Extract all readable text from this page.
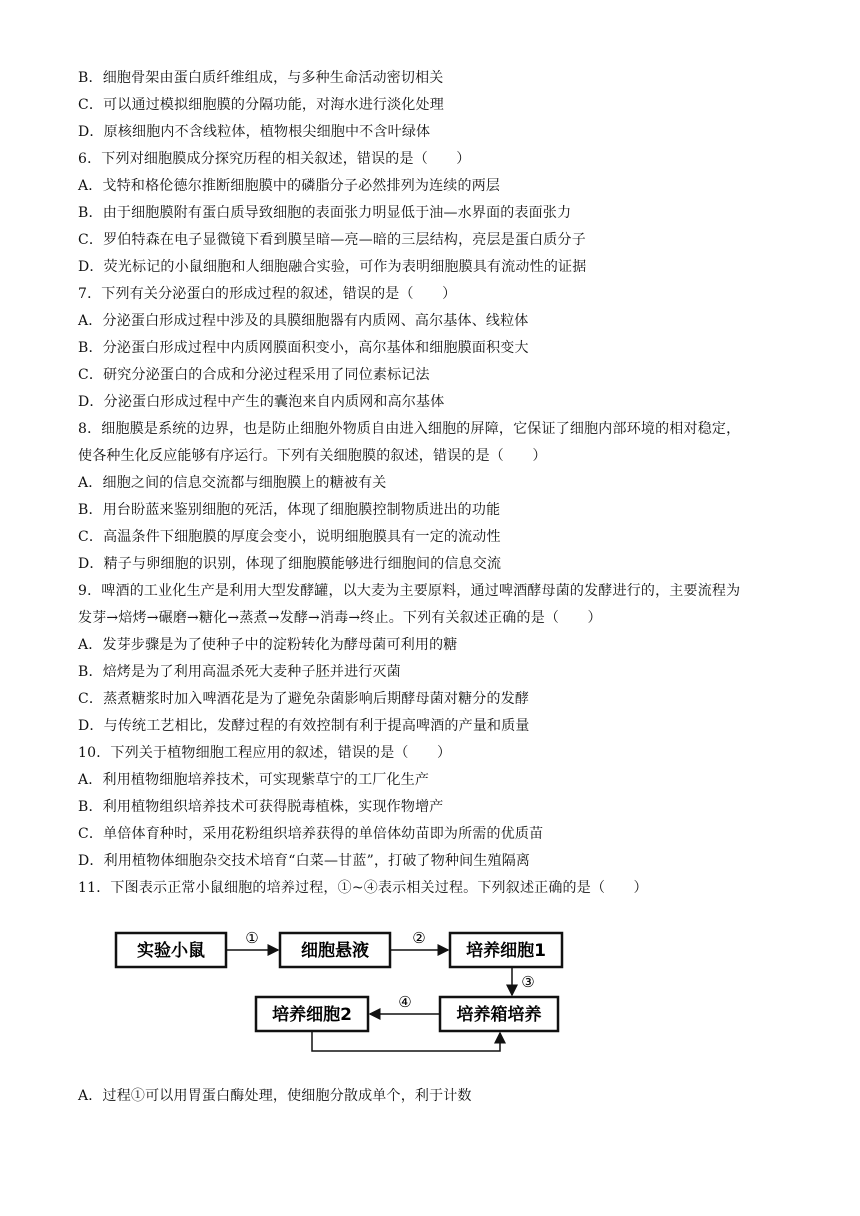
B．细胞骨架由蛋白质纤维组成，与多种生命活动密切相关
C．可以通过模拟细胞膜的分隔功能，对海水进行淡化处理
D．原核细胞内不含线粒体，植物根尖细胞中不含叶绿体
6．下列对细胞膜成分探究历程的相关叙述，错误的是（　　）
A．戈特和格伦德尔推断细胞膜中的磷脂分子必然排列为连续的两层
B．由于细胞膜附有蛋白质导致细胞的表面张力明显低于油—水界面的表面张力
C．罗伯特森在电子显微镜下看到膜呈暗—亮—暗的三层结构，亮层是蛋白质分子
D．荧光标记的小鼠细胞和人细胞融合实验，可作为表明细胞膜具有流动性的证据
7．下列有关分泌蛋白的形成过程的叙述，错误的是（　　）
A．分泌蛋白形成过程中涉及的具膜细胞器有内质网、高尔基体、线粒体
B．分泌蛋白形成过程中内质网膜面积变小，高尔基体和细胞膜面积变大
C．研究分泌蛋白的合成和分泌过程采用了同位素标记法
D．分泌蛋白形成过程中产生的囊泡来自内质网和高尔基体
8．细胞膜是系统的边界，也是防止细胞外物质自由进入细胞的屏障，它保证了细胞内部环境的相对稳定，
使各种生化反应能够有序运行。下列有关细胞膜的叙述，错误的是（　　）
A．细胞之间的信息交流都与细胞膜上的糖被有关
B．用台盼蓝来鉴别细胞的死活，体现了细胞膜控制物质进出的功能
C．高温条件下细胞膜的厚度会变小，说明细胞膜具有一定的流动性
D．精子与卵细胞的识别，体现了细胞膜能够进行细胞间的信息交流
9．啤酒的工业化生产是利用大型发酵罐，以大麦为主要原料，通过啤酒酵母菌的发酵进行的，主要流程为
发芽→焙烤→碾磨→糖化→蒸煮→发酵→消毒→终止。下列有关叙述正确的是（　　）
A．发芽步骤是为了使种子中的淀粉转化为酵母菌可利用的糖
B．焙烤是为了利用高温杀死大麦种子胚并进行灭菌
C．蒸煮糖浆时加入啤酒花是为了避免杂菌影响后期酵母菌对糖分的发酵
D．与传统工艺相比，发酵过程的有效控制有利于提高啤酒的产量和质量
10．下列关于植物细胞工程应用的叙述，错误的是（　　）
A．利用植物细胞培养技术，可实现紫草宁的工厂化生产
B．利用植物组织培养技术可获得脱毒植株，实现作物增产
C．单倍体育种时，采用花粉组织培养获得的单倍体幼苗即为所需的优质苗
D．利用植物体细胞杂交技术培育“白菜—甘蓝”，打破了物种间生殖隔离
11．下图表示正常小鼠细胞的培养过程，①~④表示相关过程。下列叙述正确的是（　　）
实验小鼠	细胞悬液	培养细胞1
培养箱培养
培养细胞2
①	②
③
④
A．过程①可以用胃蛋白酶处理，使细胞分散成单个，利于计数
